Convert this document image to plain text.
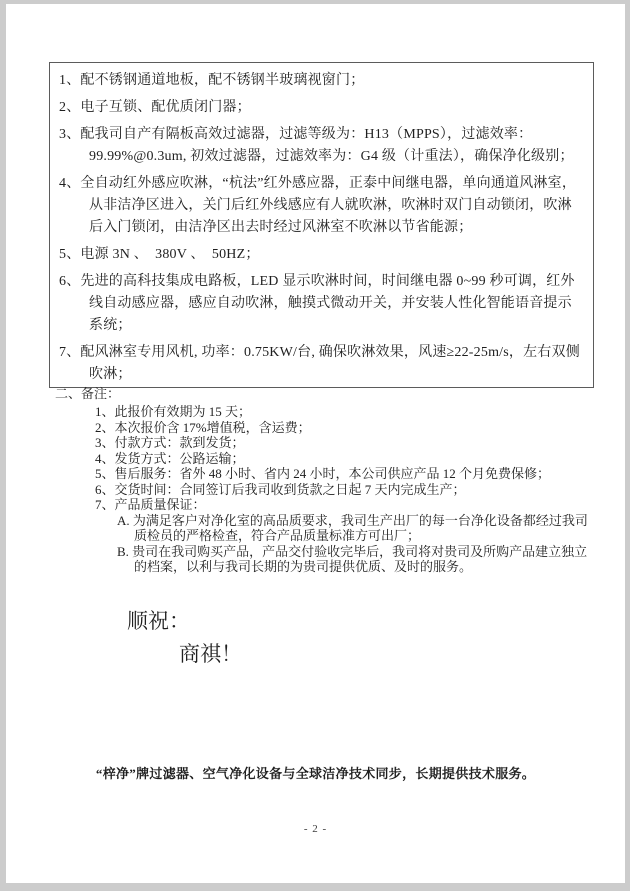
1、配不锈钢通道地板，配不锈钢半玻璃视窗门；

2、电子互锁、配优质闭门器；

3、配我司自产有隔板高效过滤器，过滤等级为：H13（MPPS），过滤效率：99.99%@0.3um, 初效过滤器，过滤效率为：G4 级（计重法），确保净化级别；

4、全自动红外感应吹淋，“杭法”红外感应器，正泰中间继电器，单向通道风淋室，从非洁净区进入，关门后红外线感应有人就吹淋，吹淋时双门自动锁闭，吹淋后入门锁闭，由洁净区出去时经过风淋室不吹淋以节省能源；

5、电源 3N 、　380V 、　50HZ；

6、先进的高科技集成电路板，LED 显示吹淋时间，时间继电器 0~99 秒可调，红外线自动感应器，感应自动吹淋，触摸式微动开关，并安装人性化智能语音提示系统；

7、配风淋室专用风机, 功率：0.75KW/台, 确保吹淋效果，风速≥22-25m/s，左右双侧吹淋；

二、备注：

1、此报价有效期为 15 天；

2、本次报价含 17%增值税，含运费；

3、付款方式：款到发货；

4、发货方式：公路运输；

5、售后服务：省外 48 小时、省内 24 小时，本公司供应产品 12 个月免费保修；

6、交货时间：合同签订后我司收到货款之日起 7 天内完成生产；

7、产品质量保证：

A. 为满足客户对净化室的高品质要求，我司生产出厂的每一台净化设备都经过我司质检员的严格检查，符合产品质量标准方可出厂；

B. 贵司在我司购买产品，产品交付验收完毕后，我司将对贵司及所购产品建立独立的档案，以利与我司长期的为贵司提供优质、及时的服务。

顺祝：
商祺！
“梓净”牌过滤器、空气净化设备与全球洁净技术同步，长期提供技术服务。
- 2 -
